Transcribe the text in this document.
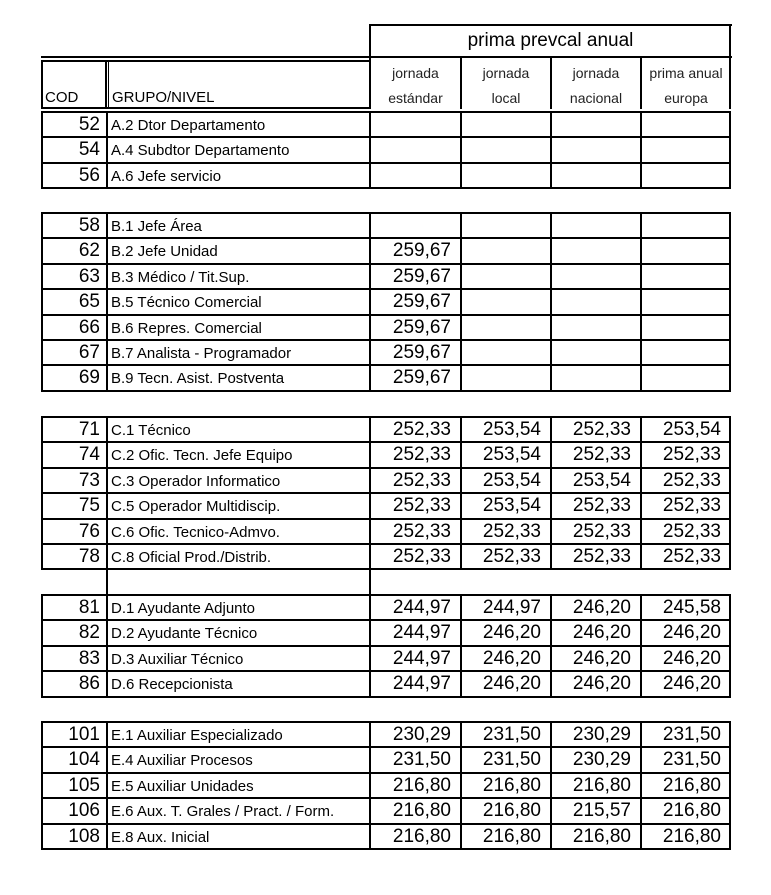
prima prevcal anual
COD GRUPO/NIVEL
jornada
estándar
jornada
local
jornada
nacional
prima anual
europa
52 A.2 Dtor Departamento
54 A.4 Subdtor Departamento
56 A.6 Jefe servicio
58 B.1 Jefe Área
62 B.2 Jefe Unidad	259,67
63 B.3 Médico / Tit.Sup.	259,67
65 B.5 Técnico Comercial	259,67
66 B.6 Repres. Comercial	259,67
67 B.7 Analista - Programador	259,67
69 B.9 Tecn. Asist. Postventa	259,67
71 C.1 Técnico	252,33	253,54	252,33	253,54
74 C.2 Ofic. Tecn. Jefe Equipo	252,33	253,54	252,33	252,33
73 C.3 Operador Informatico	252,33	253,54	253,54	252,33
75 C.5 Operador Multidiscip.	252,33	253,54	252,33	252,33
76 C.6 Ofic. Tecnico-Admvo.	252,33	252,33	252,33	252,33
78 C.8 Oficial Prod./Distrib.	252,33	252,33	252,33	252,33
81 D.1 Ayudante Adjunto	244,97	244,97	246,20	245,58
82 D.2 Ayudante Técnico	244,97	246,20	246,20	246,20
83 D.3 Auxiliar Técnico	244,97	246,20	246,20	246,20
86 D.6 Recepcionista	244,97	246,20	246,20	246,20
101 E.1 Auxiliar Especializado	230,29	231,50	230,29	231,50
104 E.4 Auxiliar Procesos	231,50	231,50	230,29	231,50
105 E.5 Auxiliar Unidades	216,80	216,80	216,80	216,80
106 E.6 Aux. T. Grales / Pract. / Form.	216,80	216,80	215,57	216,80
108 E.8 Aux. Inicial	216,80	216,80	216,80	216,80
